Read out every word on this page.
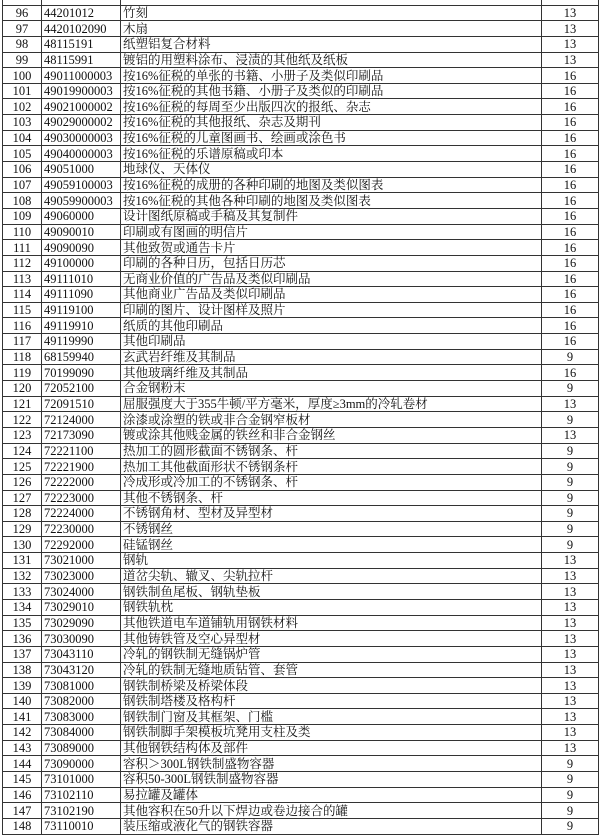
96	44201012	竹刻	13
97	4420102090	木扇	13
98	48115191	纸塑铝复合材料	13
99	48115991	镀铝的用塑料涂布、浸渍的其他纸及纸板	13
100	49011000003	按16%征税的单张的书籍、小册子及类似印刷品	16
101	49019900003	按16%征税的其他书籍、小册子及类似的印刷品	16
102	49021000002	按16%征税的每周至少出版四次的报纸、杂志	16
103	49029000002	按16%征税的其他报纸、杂志及期刊	16
104	49030000003	按16%征税的儿童图画书、绘画或涂色书	16
105	49040000003	按16%征税的乐谱原稿或印本	16
106	49051000	地球仪、天体仪	16
107	49059100003	按16%征税的成册的各种印刷的地图及类似图表	16
108	49059900003	按16%征税的其他各种印刷的地图及类似图表	16
109	49060000	设计图纸原稿或手稿及其复制件	16
110	49090010	印刷或有图画的明信片	16
111	49090090	其他致贺或通告卡片	16
112	49100000	印刷的各种日历，包括日历芯	16
113	49111010	无商业价值的广告品及类似印刷品	16
114	49111090	其他商业广告品及类似印刷品	16
115	49119100	印刷的图片、设计图样及照片	16
116	49119910	纸质的其他印刷品	16
117	49119990	其他印刷品	16
118	68159940	玄武岩纤维及其制品	9
119	70199090	其他玻璃纤维及其制品	16
120	72052100	合金钢粉末	9
121	72091510	屈服强度大于355牛顿/平方毫米，厚度≥3mm的冷轧卷材	13
122	72124000	涂漆或涂塑的铁或非合金钢窄板材	9
123	72173090	镀或涂其他贱金属的铁丝和非合金钢丝	13
124	72221100	热加工的圆形截面不锈钢条、杆	9
125	72221900	热加工其他截面形状不锈钢条杆	9
126	72222000	冷成形或冷加工的不锈钢条、杆	9
127	72223000	其他不锈钢条、杆	9
128	72224000	不锈钢角材、型材及异型材	9
129	72230000	不锈钢丝	9
130	72292000	硅锰钢丝	9
131	73021000	钢轨	13
132	73023000	道岔尖轨、辙叉、尖轨拉杆	13
133	73024000	钢铁制鱼尾板、钢轨垫板	13
134	73029010	钢铁轨枕	13
135	73029090	其他铁道电车道铺轨用钢铁材料	13
136	73030090	其他铸铁管及空心异型材	13
137	73043110	冷轧的钢铁制无缝锅炉管	13
138	73043120	冷轧的铁制无缝地质钻管、套管	13
139	73081000	钢铁制桥梁及桥梁体段	13
140	73082000	钢铁制塔楼及格构杆	13
141	73083000	钢铁制门窗及其框架、门槛	13
142	73084000	钢铁制脚手架模板坑凳用支柱及类	13
143	73089000	其他钢铁结构体及部件	13
144	73090000	容积＞300L钢铁制盛物容器	9
145	73101000	容积50-300L钢铁制盛物容器	9
146	73102110	易拉罐及罐体	9
147	73102190	其他容积在50升以下焊边或卷边接合的罐	9
148	73110010	装压缩或液化气的钢铁容器	9
